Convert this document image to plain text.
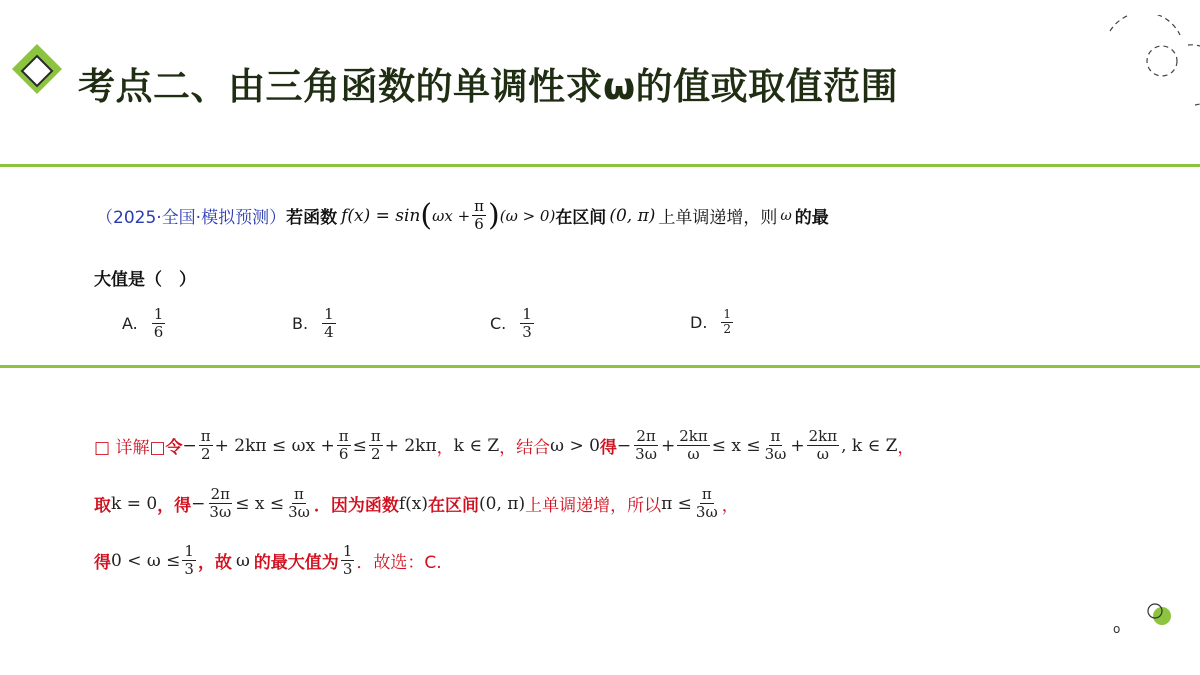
考点二、由三角函数的单调性求ω的值或取值范围
（2025·全国·模拟预测） 若函数 f(x) = sin ( $\omega x + \frac{\pi}{6}$ ) (ω > 0) 在区间 (0, π) 上单调递增，则 ω 的最
大值是（　）
A. $\frac{1}{6}$	B. $\frac{1}{4}$	C. $\frac{1}{3}$	D. $\frac{1}{2}$
□ 详解□ 令 − $\frac{\pi}{2} + 2k\pi \le \omega x + \frac{\pi}{6} \le \frac{\pi}{2} + 2k\pi$ ， k ∈ Z ，结合 ω > 0 得 − $\frac{2\pi}{3\omega} + \frac{2k\pi}{\omega} \le x \le \frac{\pi}{3\omega} + \frac{2k\pi}{\omega}$ , k ∈ Z ，
取 k = 0 ，得 − $\frac{2\pi}{3\omega} \le x \le \frac{\pi}{3\omega}$ ．因为函数 f(x) 在区间 (0, π) 上单调递增，所以 $\pi \le \frac{\pi}{3\omega}$ ，
得 $0 < \omega \le \frac{1}{3}$ ，故 ω 的最大值为 $\frac{1}{3}$ ．故选：C.
o
